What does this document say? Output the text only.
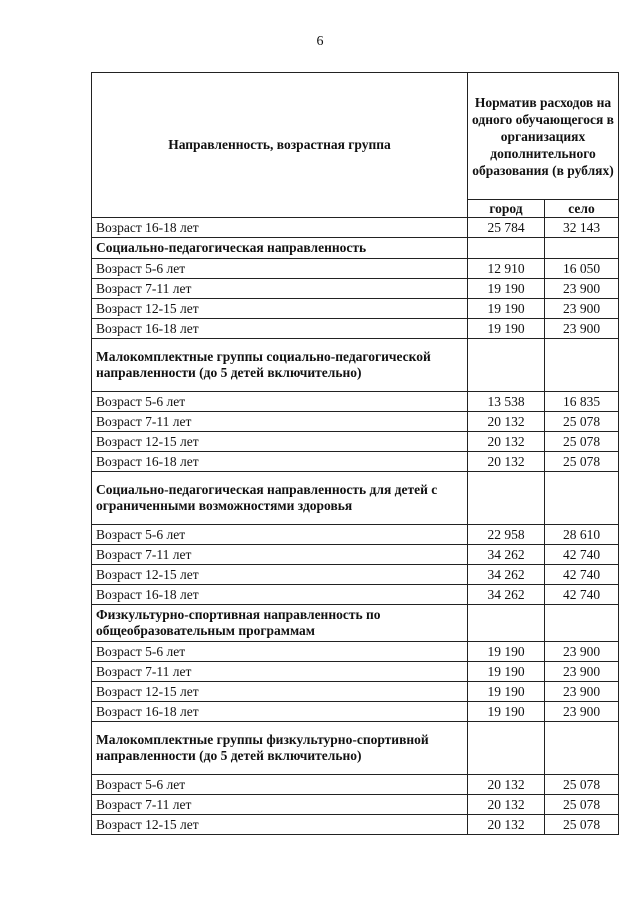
6
Направленность, возрастная группа	Норматив расходов на одного обучающегося в организациях дополнительного образования (в рублях)	
	город	село
Возраст 16-18 лет	25 784	32 143
Социально-педагогическая направленность		
Возраст 5-6 лет	12 910	16 050
Возраст 7-11 лет	19 190	23 900
Возраст 12-15 лет	19 190	23 900
Возраст 16-18 лет	19 190	23 900
Малокомплектные группы социально-педагогической направленности (до 5 детей включительно)		
Возраст 5-6 лет	13 538	16 835
Возраст 7-11 лет	20 132	25 078
Возраст 12-15 лет	20 132	25 078
Возраст 16-18 лет	20 132	25 078
Социально-педагогическая направленность для детей с ограниченными возможностями здоровья		
Возраст 5-6 лет	22 958	28 610
Возраст 7-11 лет	34 262	42 740
Возраст 12-15 лет	34 262	42 740
Возраст 16-18 лет	34 262	42 740
Физкультурно-спортивная направленность по общеобразовательным программам		
Возраст 5-6 лет	19 190	23 900
Возраст 7-11 лет	19 190	23 900
Возраст 12-15 лет	19 190	23 900
Возраст 16-18 лет	19 190	23 900
Малокомплектные группы физкультурно-спортивной направленности (до 5 детей включительно)		
Возраст 5-6 лет	20 132	25 078
Возраст 7-11 лет	20 132	25 078
Возраст 12-15 лет	20 132	25 078
